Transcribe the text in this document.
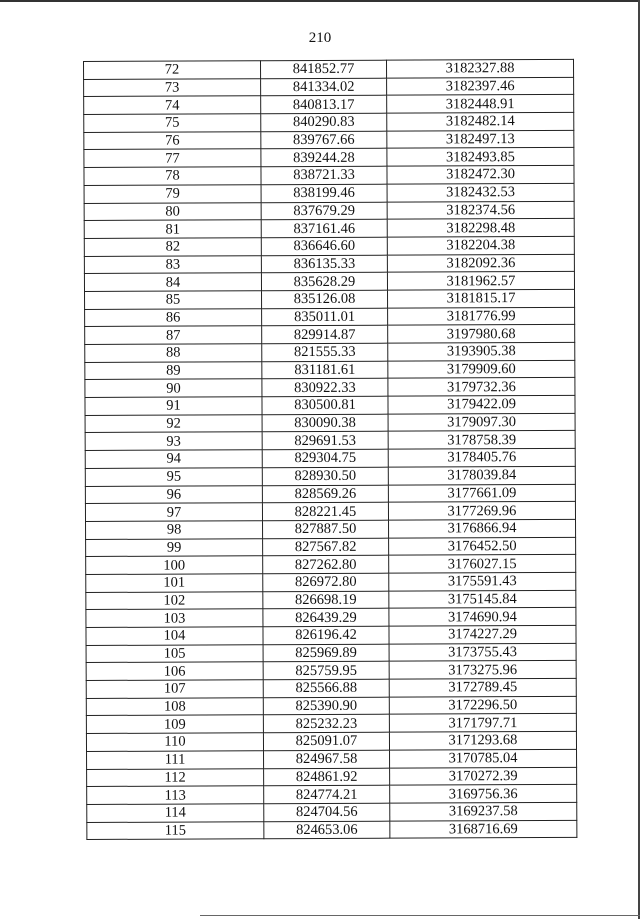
210
72	841852.77	3182327.88
73	841334.02	3182397.46
74	840813.17	3182448.91
75	840290.83	3182482.14
76	839767.66	3182497.13
77	839244.28	3182493.85
78	838721.33	3182472.30
79	838199.46	3182432.53
80	837679.29	3182374.56
81	837161.46	3182298.48
82	836646.60	3182204.38
83	836135.33	3182092.36
84	835628.29	3181962.57
85	835126.08	3181815.17
86	835011.01	3181776.99
87	829914.87	3197980.68
88	821555.33	3193905.38
89	831181.61	3179909.60
90	830922.33	3179732.36
91	830500.81	3179422.09
92	830090.38	3179097.30
93	829691.53	3178758.39
94	829304.75	3178405.76
95	828930.50	3178039.84
96	828569.26	3177661.09
97	828221.45	3177269.96
98	827887.50	3176866.94
99	827567.82	3176452.50
100	827262.80	3176027.15
101	826972.80	3175591.43
102	826698.19	3175145.84
103	826439.29	3174690.94
104	826196.42	3174227.29
105	825969.89	3173755.43
106	825759.95	3173275.96
107	825566.88	3172789.45
108	825390.90	3172296.50
109	825232.23	3171797.71
110	825091.07	3171293.68
111	824967.58	3170785.04
112	824861.92	3170272.39
113	824774.21	3169756.36
114	824704.56	3169237.58
115	824653.06	3168716.69
